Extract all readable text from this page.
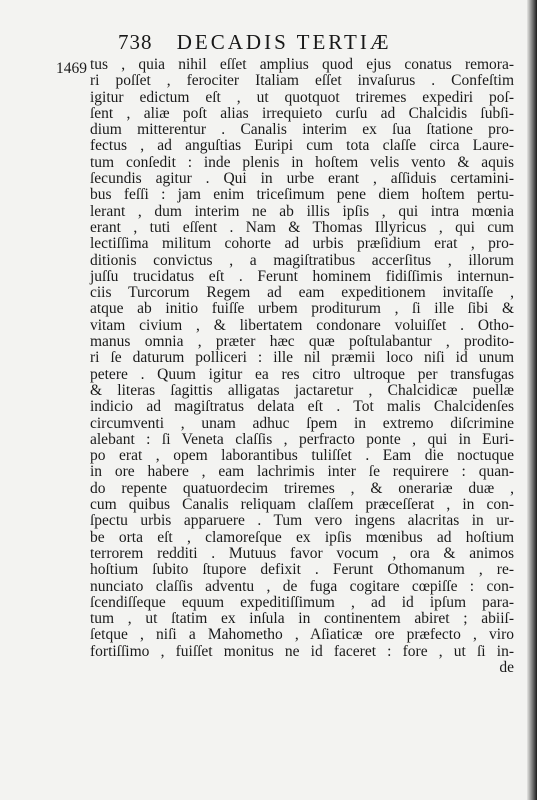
738 DECADIS TERTIÆ
1469 tus , quia nihil eſſet amplius quod ejus conatus remora-
ri poſſet , ferociter Italiam eſſet invaſurus . Confeſtim
igitur edictum eſt , ut quotquot triremes expediri poſ-
ſent , aliæ poſt alias irrequieto curſu ad Chalcidis ſubſi-
dium mitterentur . Canalis interim ex ſua ſtatione pro-
fectus , ad anguſtias Euripi cum tota claſſe circa Laure-
tum conſedit : inde plenis in hoſtem velis vento & aquis
ſecundis agitur . Qui in urbe erant , aſſiduis certamini-
bus feſſi : jam enim triceſimum pene diem hoſtem pertu-
lerant , dum interim ne ab illis ipſis , qui intra mœnia
erant , tuti eſſent . Nam & Thomas Illyricus , qui cum
lectiſſima militum cohorte ad urbis præſidium erat , pro-
ditionis convictus , a magiſtratibus accerſitus , illorum
juſſu trucidatus eſt . Ferunt hominem fidiſſimis internun-
ciis Turcorum Regem ad eam expeditionem invitaſſe ,
atque ab initio fuiſſe urbem proditurum , ſi ille ſibi &
vitam civium , & libertatem condonare voluiſſet . Otho-
manus omnia , præter hæc quæ poſtulabantur , prodito-
ri ſe daturum polliceri : ille nil præmii loco niſi id unum
petere . Quum igitur ea res citro ultroque per transfugas
& literas ſagittis alligatas jactaretur , Chalcidicæ puellæ
indicio ad magiſtratus delata eſt . Tot malis Chalcidenſes
circumventi , unam adhuc ſpem in extremo diſcrimine
alebant : ſi Veneta claſſis , perfracto ponte , qui in Euri-
po erat , opem laborantibus tuliſſet . Eam die noctuque
in ore habere , eam lachrimis inter ſe requirere : quan-
do repente quatuordecim triremes , & onerariæ duæ ,
cum quibus Canalis reliquam claſſem præceſſerat , in con-
ſpectu urbis apparuere . Tum vero ingens alacritas in ur-
be orta eſt , clamoreſque ex ipſis mœnibus ad hoſtium
terrorem redditi . Mutuus favor vocum , ora & animos
hoſtium ſubito ſtupore defixit . Ferunt Othomanum , re-
nunciato claſſis adventu , de fuga cogitare cœpiſſe : con-
ſcendiſſeque equum expeditiſſimum , ad id ipſum para-
tum , ut ſtatim ex inſula in continentem abiret ; abiiſ-
ſetque , niſi a Mahometho , Aſiaticæ ore præfecto , viro
fortiſſimo , fuiſſet monitus ne id faceret : fore , ut ſi in-
de
